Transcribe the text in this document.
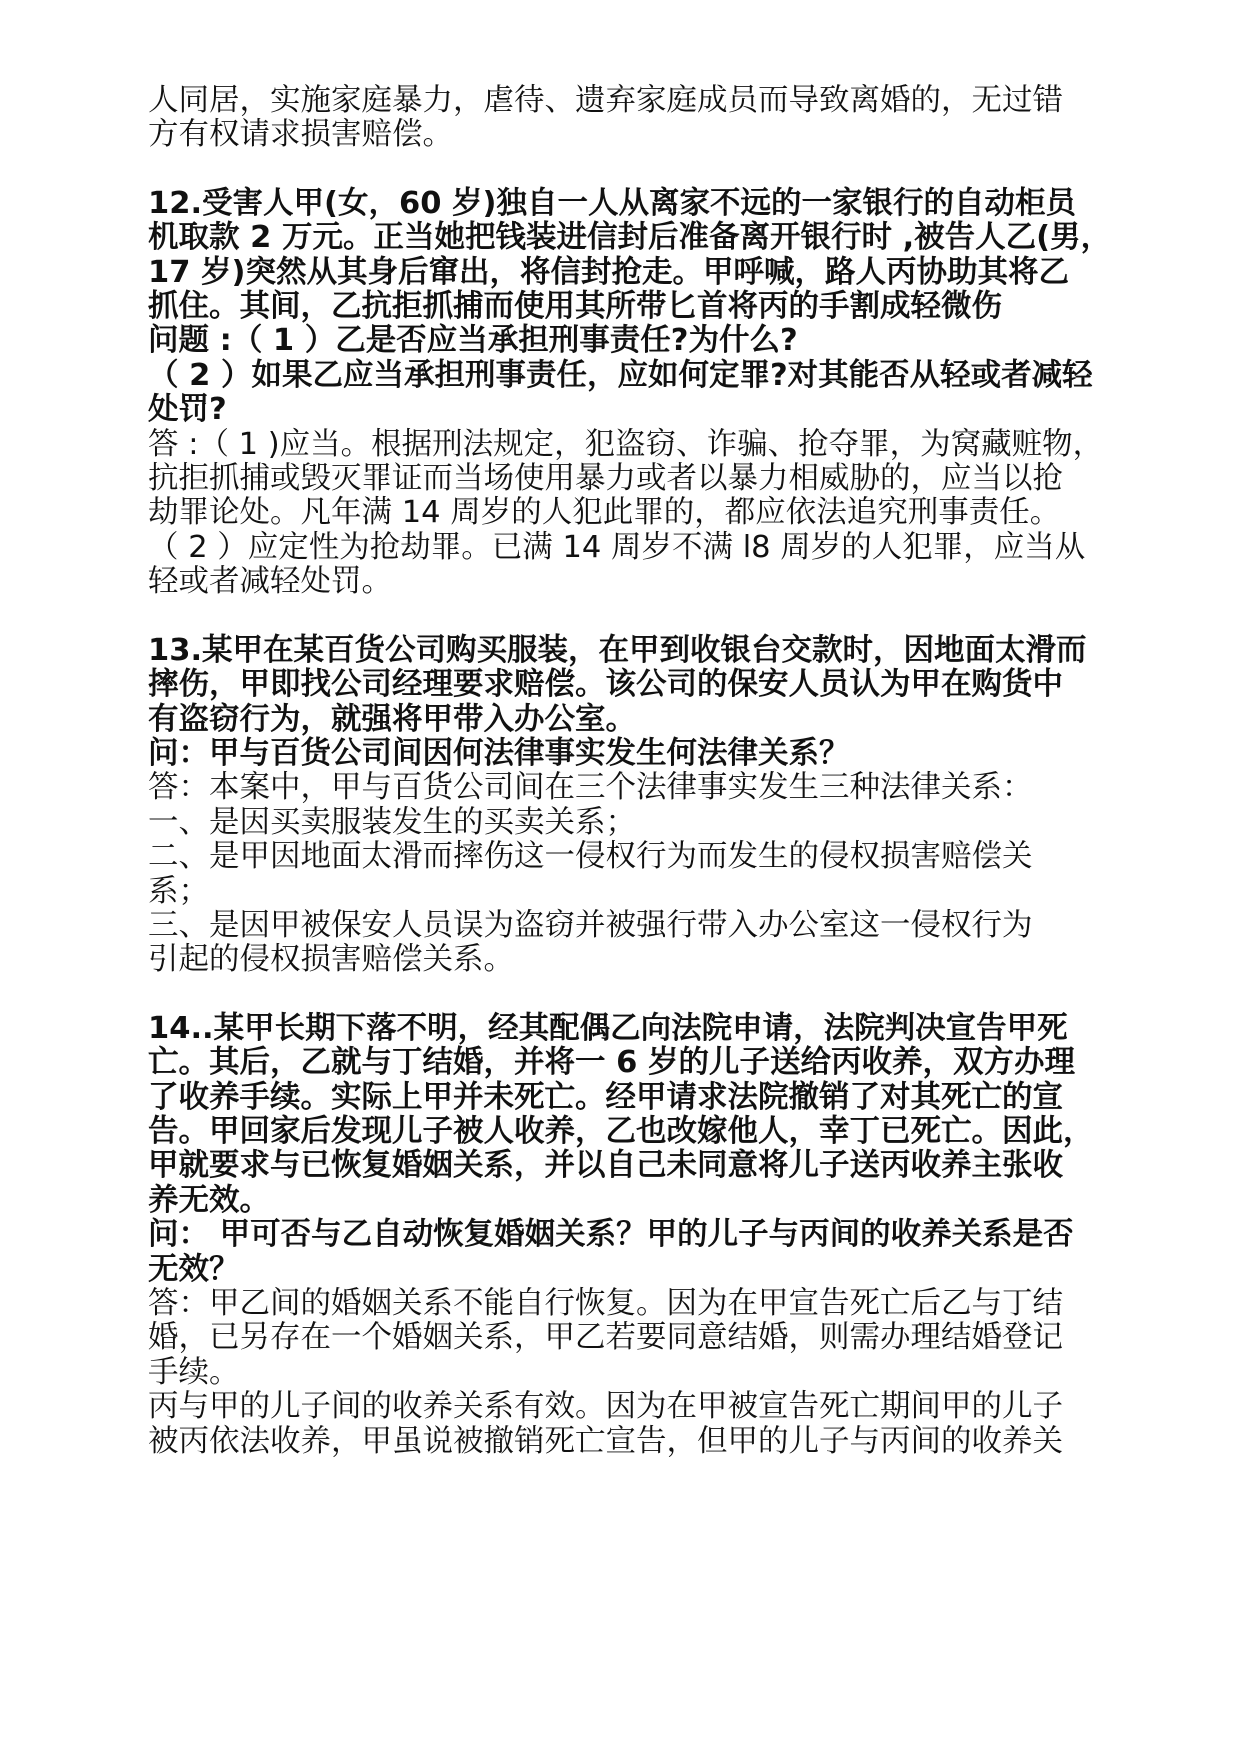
人同居，实施家庭暴力，虐待、遗弃家庭成员而导致离婚的，无过错
方有权请求损害赔偿。
12.受害人甲(女，60 岁)独自一人从离家不远的一家银行的自动柜员
机取款 2 万元。正当她把钱装进信封后准备离开银行时 ,被告人乙(男，
17 岁)突然从其身后窜出，将信封抢走。甲呼喊，路人丙协助其将乙
抓住。其间，乙抗拒抓捕而使用其所带匕首将丙的手割成轻微伤
问题 :（ 1 ）乙是否应当承担刑事责任?为什么?
（ 2 ）如果乙应当承担刑事责任，应如何定罪?对其能否从轻或者减轻
处罚?
答 :（ 1 )应当。根据刑法规定，犯盗窃、诈骗、抢夺罪，为窝藏赃物，
抗拒抓捕或毁灭罪证而当场使用暴力或者以暴力相威胁的，应当以抢
劫罪论处。凡年满 14 周岁的人犯此罪的，都应依法追究刑事责任。
（ 2 ）应定性为抢劫罪。已满 14 周岁不满 l8 周岁的人犯罪，应当从
轻或者减轻处罚。
13.某甲在某百货公司购买服装，在甲到收银台交款时，因地面太滑而
摔伤，甲即找公司经理要求赔偿。该公司的保安人员认为甲在购货中
有盗窃行为，就强将甲带入办公室。
问：甲与百货公司间因何法律事实发生何法律关系？
答：本案中，甲与百货公司间在三个法律事实发生三种法律关系：
一、是因买卖服装发生的买卖关系；
二、是甲因地面太滑而摔伤这一侵权行为而发生的侵权损害赔偿关
系；
三、是因甲被保安人员误为盗窃并被强行带入办公室这一侵权行为
引起的侵权损害赔偿关系。
14..某甲长期下落不明，经其配偶乙向法院申请，法院判决宣告甲死
亡。其后，乙就与丁结婚，并将一 6 岁的儿子送给丙收养，双方办理
了收养手续。实际上甲并未死亡。经甲请求法院撤销了对其死亡的宣
告。甲回家后发现儿子被人收养，乙也改嫁他人，幸丁已死亡。因此，
甲就要求与已恢复婚姻关系，并以自己未同意将儿子送丙收养主张收
养无效。
问： 甲可否与乙自动恢复婚姻关系？甲的儿子与丙间的收养关系是否
无效？
答：甲乙间的婚姻关系不能自行恢复。因为在甲宣告死亡后乙与丁结
婚，已另存在一个婚姻关系，甲乙若要同意结婚，则需办理结婚登记
手续。
丙与甲的儿子间的收养关系有效。因为在甲被宣告死亡期间甲的儿子
被丙依法收养，甲虽说被撤销死亡宣告，但甲的儿子与丙间的收养关
